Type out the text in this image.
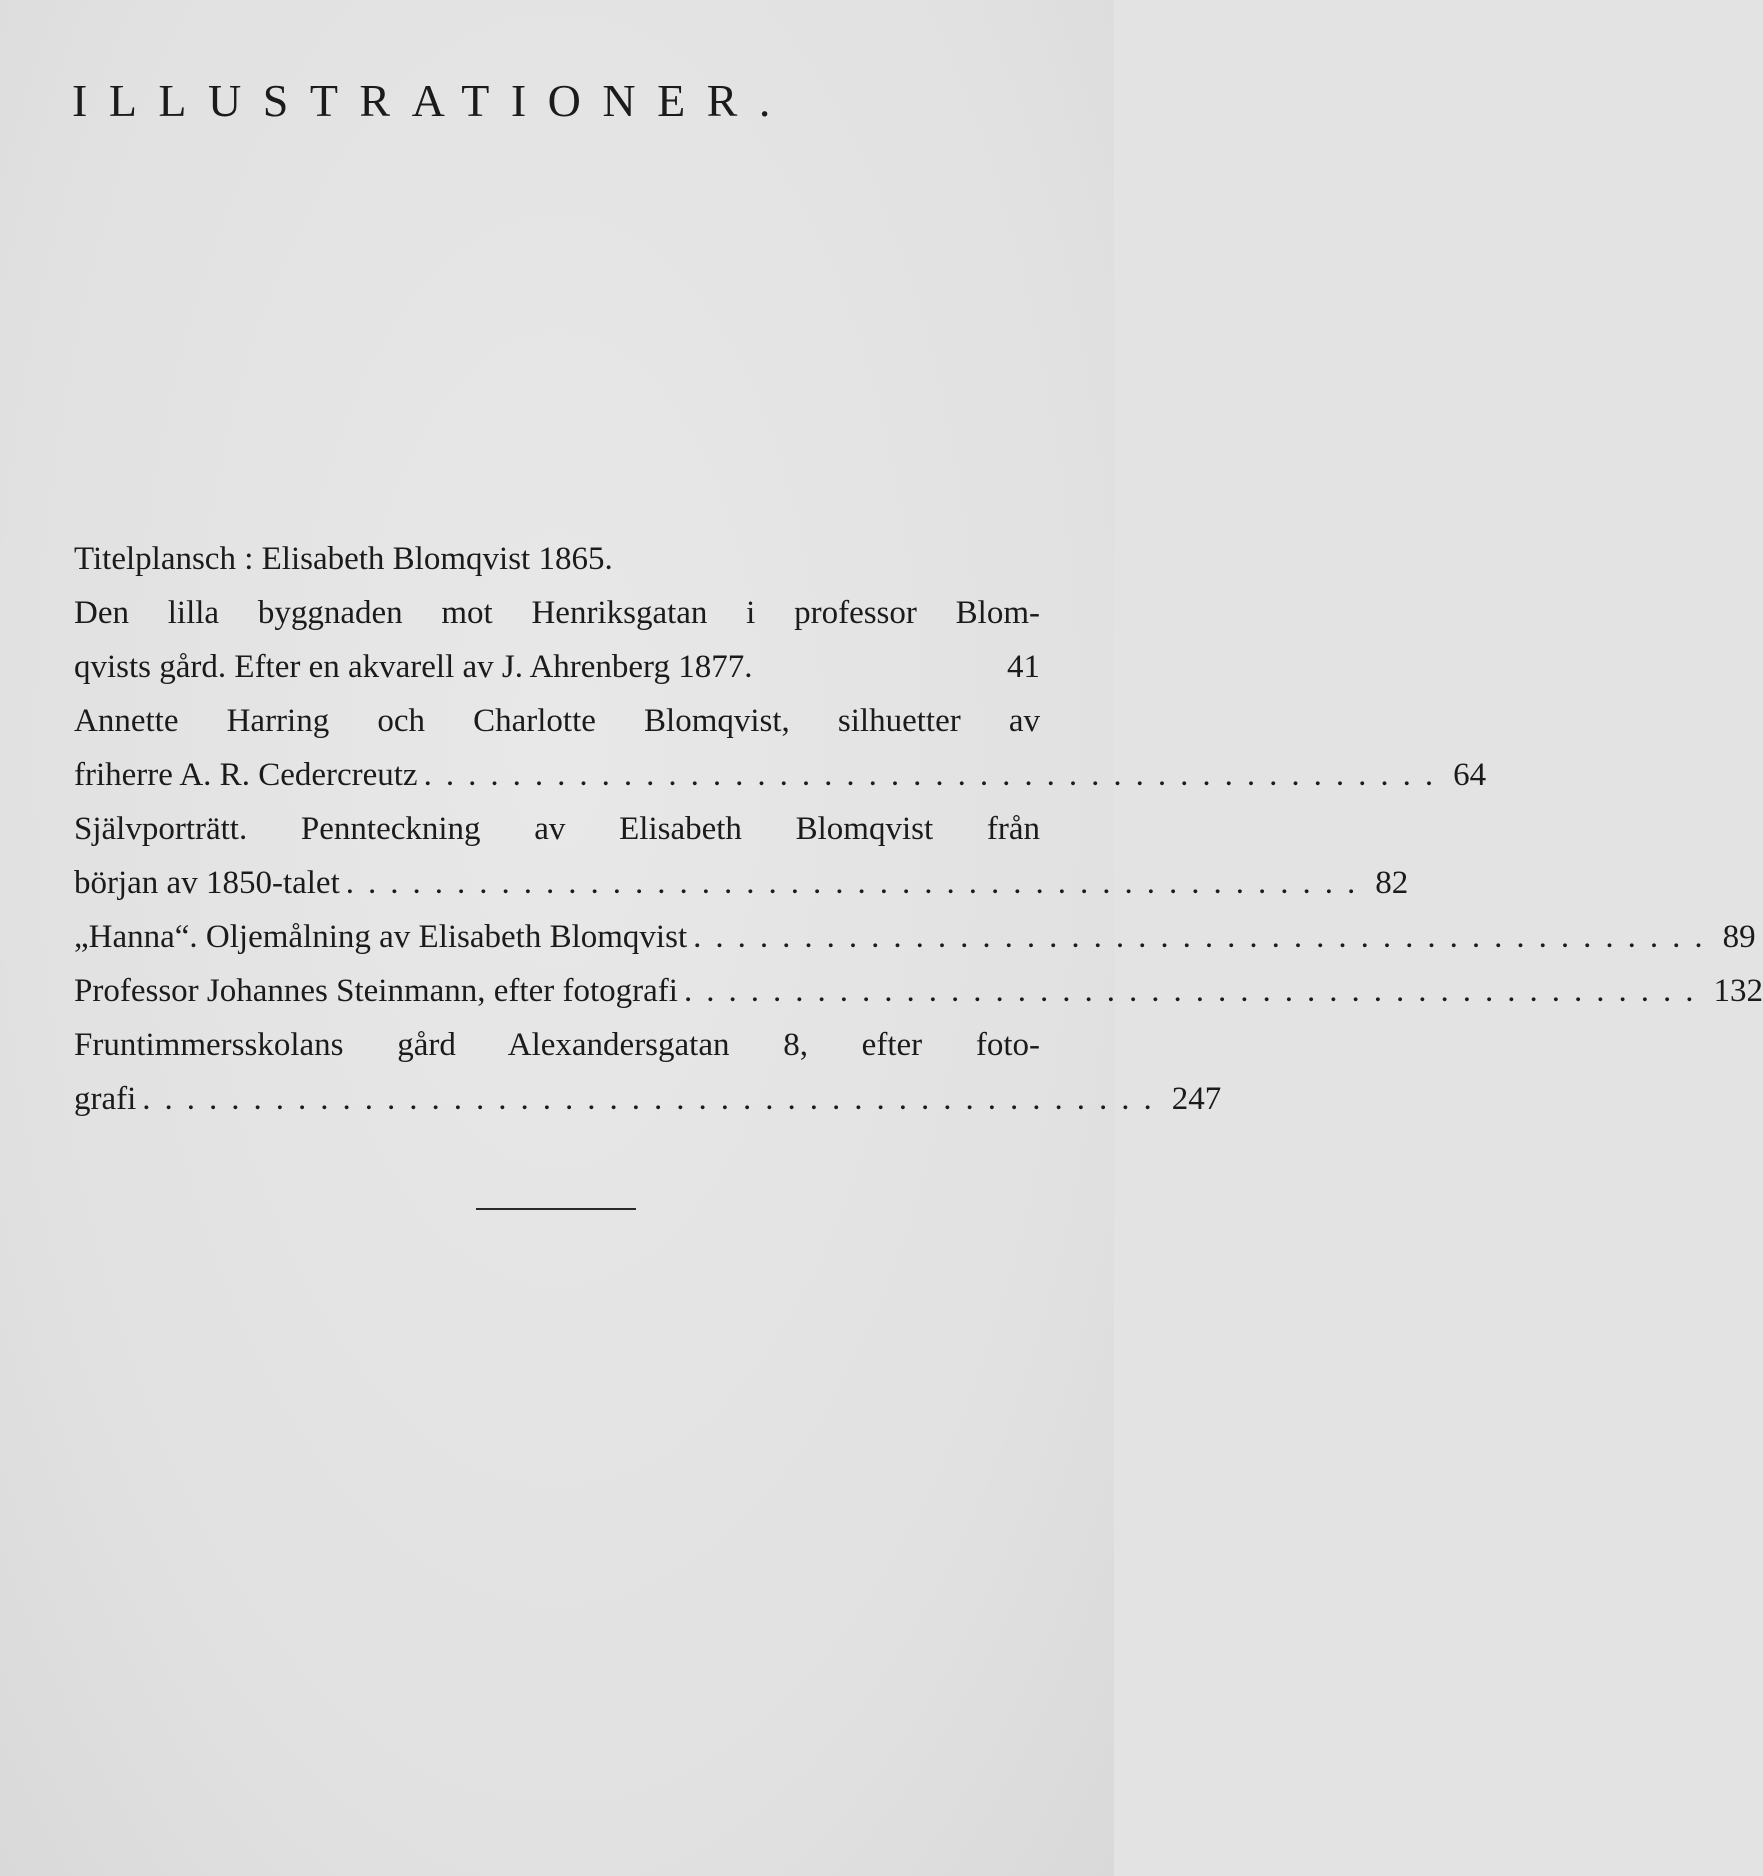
ILLUSTRATIONER.
Titelplansch : Elisabeth Blomqvist 1865.
Den lilla byggnaden mot Henriksgatan i professor Blom-
qvists gård. Efter en akvarell av J. Ahrenberg 1877.	41
Annette Harring och Charlotte Blomqvist, silhuetter av
friherre A. R. Cedercreutz .............................................. 64
Självporträtt. Pennteckning av Elisabeth Blomqvist från
början av 1850-talet .............................................. 82
„Hanna“. Oljemålning av Elisabeth Blomqvist .............................................. 89
Professor Johannes Steinmann, efter fotografi .............................................. 132
Fruntimmersskolans gård Alexandersgatan 8, efter foto-
grafi .............................................. 247
